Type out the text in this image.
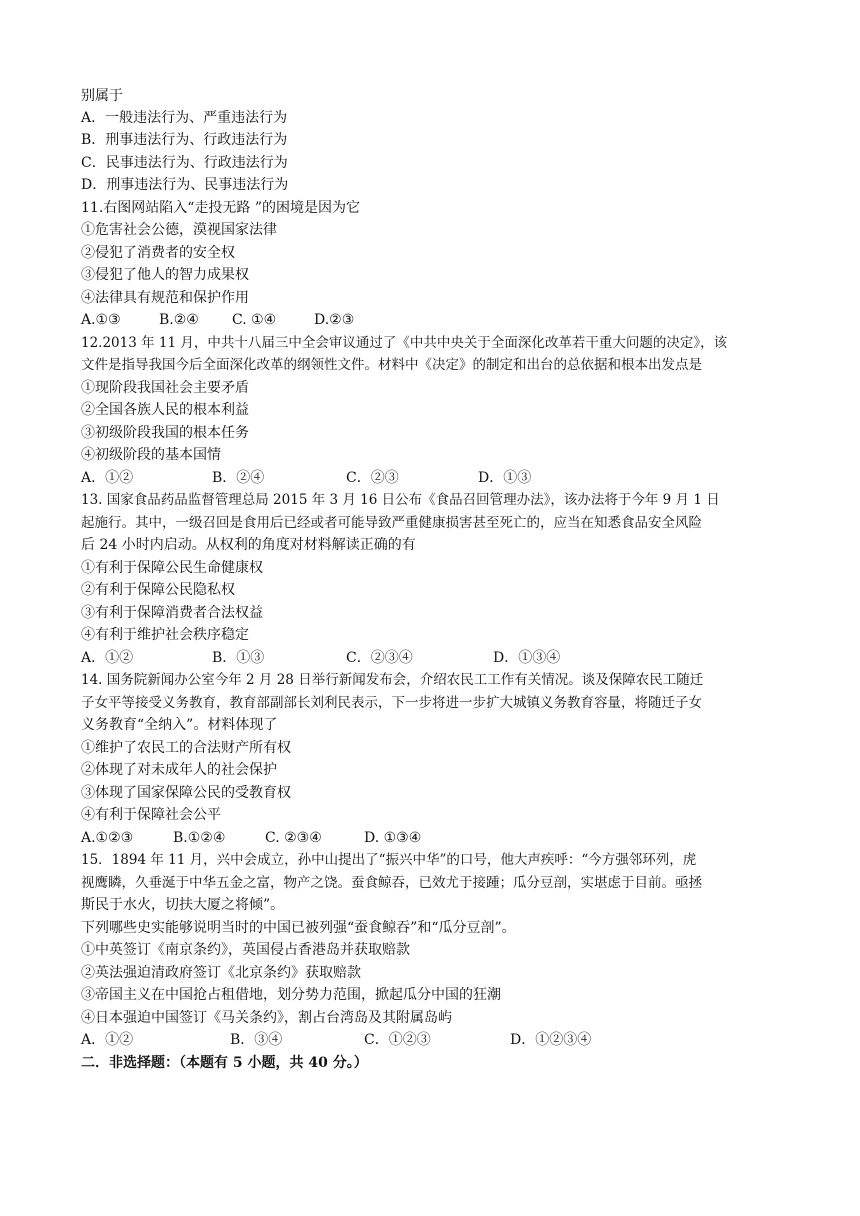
别属于
A．一般违法行为、严重违法行为
B．刑事违法行为、行政违法行为
C．民事违法行为、行政违法行为
D．刑事违法行为、民事违法行为
11.右图网站陷入“走投无路 ”的困境是因为它
①危害社会公德，漠视国家法律
②侵犯了消费者的安全权
③侵犯了他人的智力成果权
④法律具有规范和保护作用
A.①③	B.②④ C. ①④	D.②③
12.2013 年 11 月，中共十八届三中全会审议通过了《中共中央关于全面深化改革若干重大问题的决定》，该
文件是指导我国今后全面深化改革的纲领性文件。材料中《决定》的制定和出台的总依据和根本出发点是
①现阶段我国社会主要矛盾
②全国各族人民的根本利益
③初级阶段我国的根本任务
④初级阶段的基本国情
A．①②	B．②④	C．②③	D．①③
13. 国家食品药品监督管理总局 2015 年 3 月 16 日公布《食品召回管理办法》，该办法将于今年 9 月 1 日
起施行。其中，一级召回是食用后已经或者可能导致严重健康损害甚至死亡的，应当在知悉食品安全风险
后 24 小时内启动。从权利的角度对材料解读正确的有
①有利于保障公民生命健康权
②有利于保障公民隐私权
③有利于保障消费者合法权益
④有利于维护社会秩序稳定
A．①②	B．①③	C．②③④	D．①③④
14. 国务院新闻办公室今年 2 月 28 日举行新闻发布会，介绍农民工工作有关情况。谈及保障农民工随迁
子女平等接受义务教育，教育部副部长刘利民表示，下一步将进一步扩大城镇义务教育容量，将随迁子女
义务教育“全纳入”。材料体现了
①维护了农民工的合法财产所有权
②体现了对未成年人的社会保护
③体现了国家保障公民的受教育权
④有利于保障社会公平
A.①②③	B.①②④	C. ②③④	D. ①③④
15．1894 年 11 月，兴中会成立，孙中山提出了“振兴中华”的口号，他大声疾呼：“今方强邻环列，虎
视鹰瞵，久垂涎于中华五金之富，物产之饶。蚕食鲸吞，已效尤于接踵；瓜分豆剖，实堪虑于目前。亟拯
斯民于水火，切扶大厦之将倾”。
下列哪些史实能够说明当时的中国已被列强“蚕食鲸吞”和“瓜分豆剖”。
①中英签订《南京条约》，英国侵占香港岛并获取赔款
②英法强迫清政府签订《北京条约》获取赔款
③帝国主义在中国抢占租借地，划分势力范围，掀起瓜分中国的狂潮
④日本强迫中国签订《马关条约》，割占台湾岛及其附属岛屿
A．①②	B．③④	C．①②③	D．①②③④
二．非选择题：（本题有 5 小题，共 40 分。）
